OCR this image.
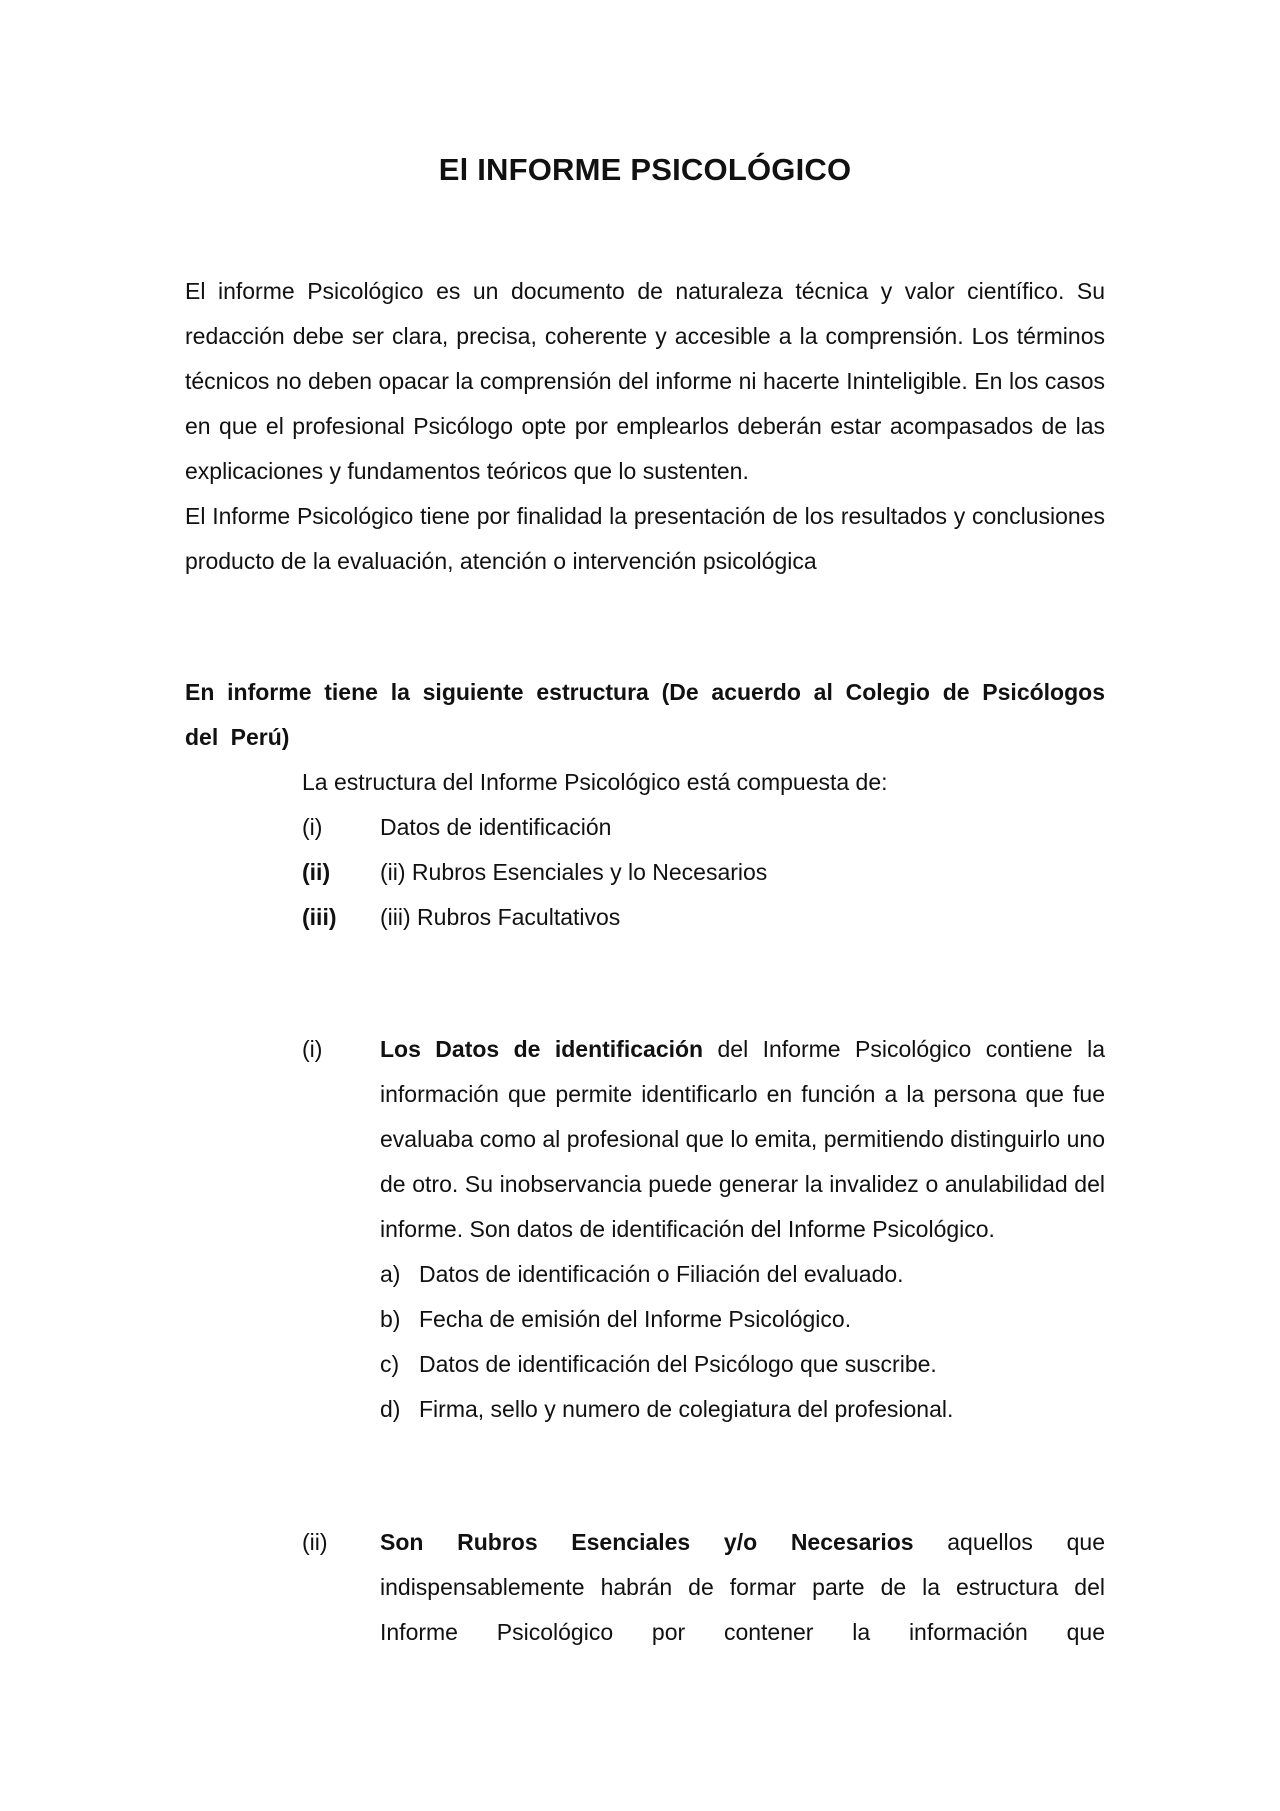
El INFORME PSICOLÓGICO

El informe Psicológico es un documento de naturaleza técnica y valor científico. Su redacción debe ser clara, precisa, coherente y accesible a la comprensión. Los términos técnicos no deben opacar la comprensión del informe ni hacerte Ininteligible. En los casos en que el profesional Psicólogo opte por emplearlos deberán estar acompasados de las explicaciones y fundamentos teóricos que lo sustenten.

El Informe Psicológico tiene por finalidad la presentación de los resultados y conclusiones producto de la evaluación, atención o intervención psicológica

En informe tiene la siguiente estructura (De acuerdo al Colegio de Psicólogos del Perú)

La estructura del Informe Psicológico está compuesta de:
(i)	Datos de identificación
(ii)	(ii) Rubros Esenciales y lo Necesarios
(iii)	(iii) Rubros Facultativos
(i)	Los Datos de identificación del Informe Psicológico contiene la información que permite identificarlo en función a la persona que fue evaluaba como al profesional que lo emita, permitiendo distinguirlo uno de otro. Su inobservancia puede generar la invalidez o anulabilidad del informe. Son datos de identificación del Informe Psicológico.
a) Datos de identificación o Filiación del evaluado.
b) Fecha de emisión del Informe Psicológico.
c) Datos de identificación del Psicólogo que suscribe.
d) Firma, sello y numero de colegiatura del profesional.
(ii)	Son Rubros Esenciales y/o Necesarios aquellos que indispensablemente habrán de formar parte de la estructura del Informe Psicológico por contener la información que
